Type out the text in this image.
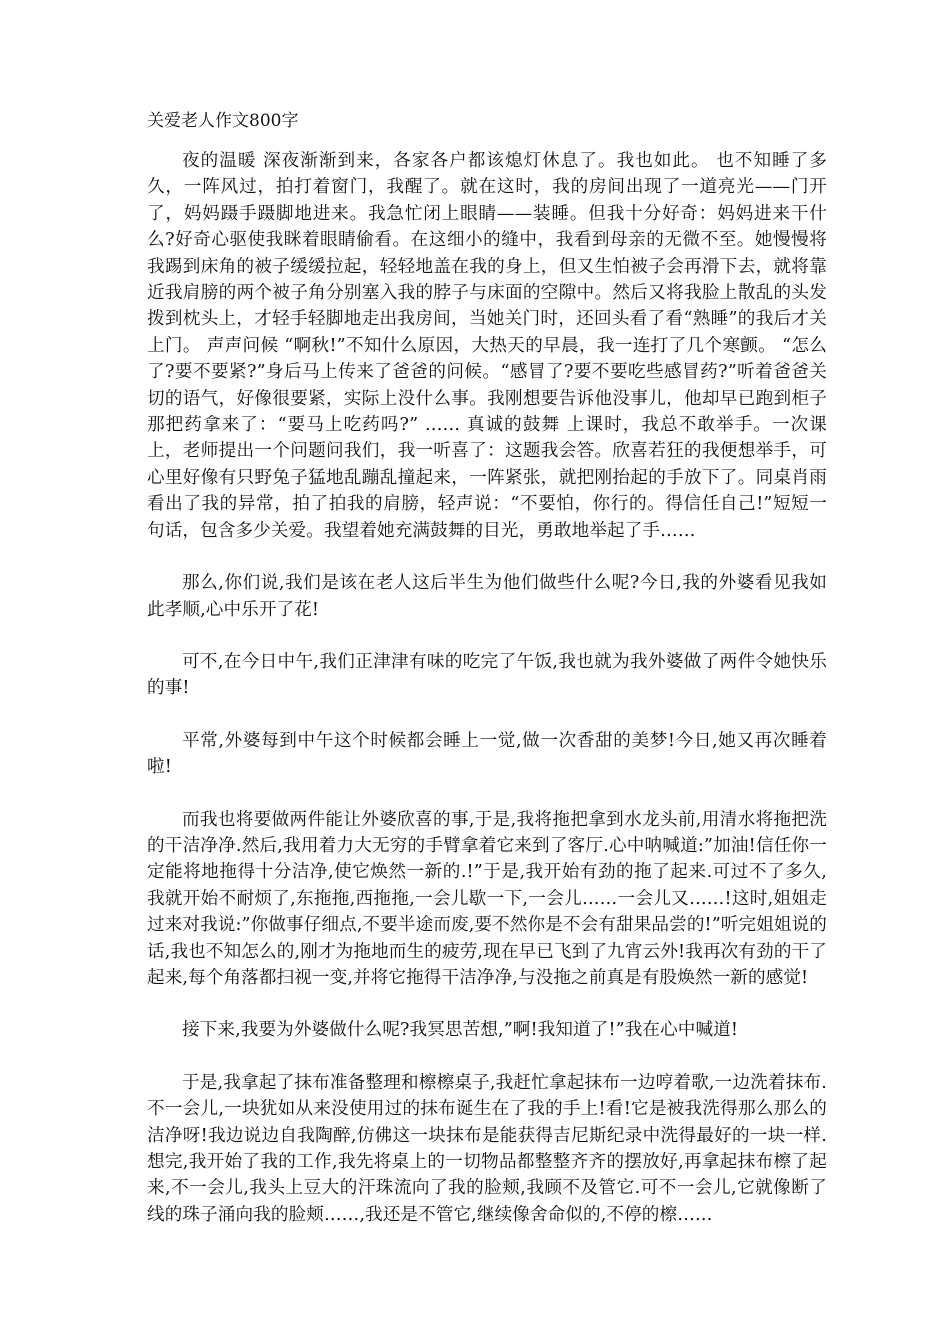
关爱老人作文800字

夜的温暖 深夜渐渐到来，各家各户都该熄灯休息了。我也如此。 也不知睡了多久，一阵风过，拍打着窗门，我醒了。就在这时，我的房间出现了一道亮光——门开了，妈妈蹑手蹑脚地进来。我急忙闭上眼睛——装睡。但我十分好奇：妈妈进来干什么?好奇心驱使我眯着眼睛偷看。在这细小的缝中，我看到母亲的无微不至。她慢慢将我踢到床角的被子缓缓拉起，轻轻地盖在我的身上，但又生怕被子会再滑下去，就将靠近我肩膀的两个被子角分别塞入我的脖子与床面的空隙中。然后又将我脸上散乱的头发拨到枕头上，才轻手轻脚地走出我房间，当她关门时，还回头看了看“熟睡”的我后才关上门。 声声问候 “啊秋!”不知什么原因，大热天的早晨，我一连打了几个寒颤。 “怎么了?要不要紧?”身后马上传来了爸爸的问候。“感冒了?要不要吃些感冒药?”听着爸爸关切的语气，好像很要紧，实际上没什么事。我刚想要告诉他没事儿，他却早已跑到柜子那把药拿来了：“要马上吃药吗?” …… 真诚的鼓舞 上课时，我总不敢举手。一次课上，老师提出一个问题问我们，我一听喜了：这题我会答。欣喜若狂的我便想举手，可心里好像有只野兔子猛地乱蹦乱撞起来，一阵紧张，就把刚抬起的手放下了。同桌肖雨看出了我的异常，拍了拍我的肩膀，轻声说：“不要怕，你行的。得信任自己!”短短一句话，包含多少关爱。我望着她充满鼓舞的目光，勇敢地举起了手……

那么,你们说,我们是该在老人这后半生为他们做些什么呢?今日,我的外婆看见我如此孝顺,心中乐开了花!

可不,在今日中午,我们正津津有味的吃完了午饭,我也就为我外婆做了两件令她快乐的事!

平常,外婆每到中午这个时候都会睡上一觉,做一次香甜的美梦!今日,她又再次睡着啦!

而我也将要做两件能让外婆欣喜的事,于是,我将拖把拿到水龙头前,用清水将拖把洗的干洁净净.然后,我用着力大无穷的手臂拿着它来到了客厅.心中呐喊道:”加油!信任你一定能将地拖得十分洁净,使它焕然一新的.!”于是,我开始有劲的拖了起来.可过不了多久,我就开始不耐烦了,东拖拖,西拖拖,一会儿歇一下,一会儿……一会儿又……!这时,姐姐走过来对我说:”你做事仔细点,不要半途而废,要不然你是不会有甜果品尝的!”听完姐姐说的话,我也不知怎么的,刚才为拖地而生的疲劳,现在早已飞到了九宵云外!我再次有劲的干了起来,每个角落都扫视一变,并将它拖得干洁净净,与没拖之前真是有股焕然一新的感觉!

接下来,我要为外婆做什么呢?我冥思苦想,”啊!我知道了!”我在心中喊道!

于是,我拿起了抹布准备整理和檫檫桌子,我赶忙拿起抹布一边哼着歌,一边洗着抹布.不一会儿,一块犹如从来没使用过的抹布诞生在了我的手上!看!它是被我洗得那么那么的洁净呀!我边说边自我陶醉,仿佛这一块抹布是能获得吉尼斯纪录中洗得最好的一块一样.想完,我开始了我的工作,我先将桌上的一切物品都整整齐齐的摆放好,再拿起抹布檫了起来,不一会儿,我头上豆大的汗珠流向了我的脸颊,我顾不及管它.可不一会儿,它就像断了线的珠子涌向我的脸颊……,我还是不管它,继续像舍命似的,不停的檫……
